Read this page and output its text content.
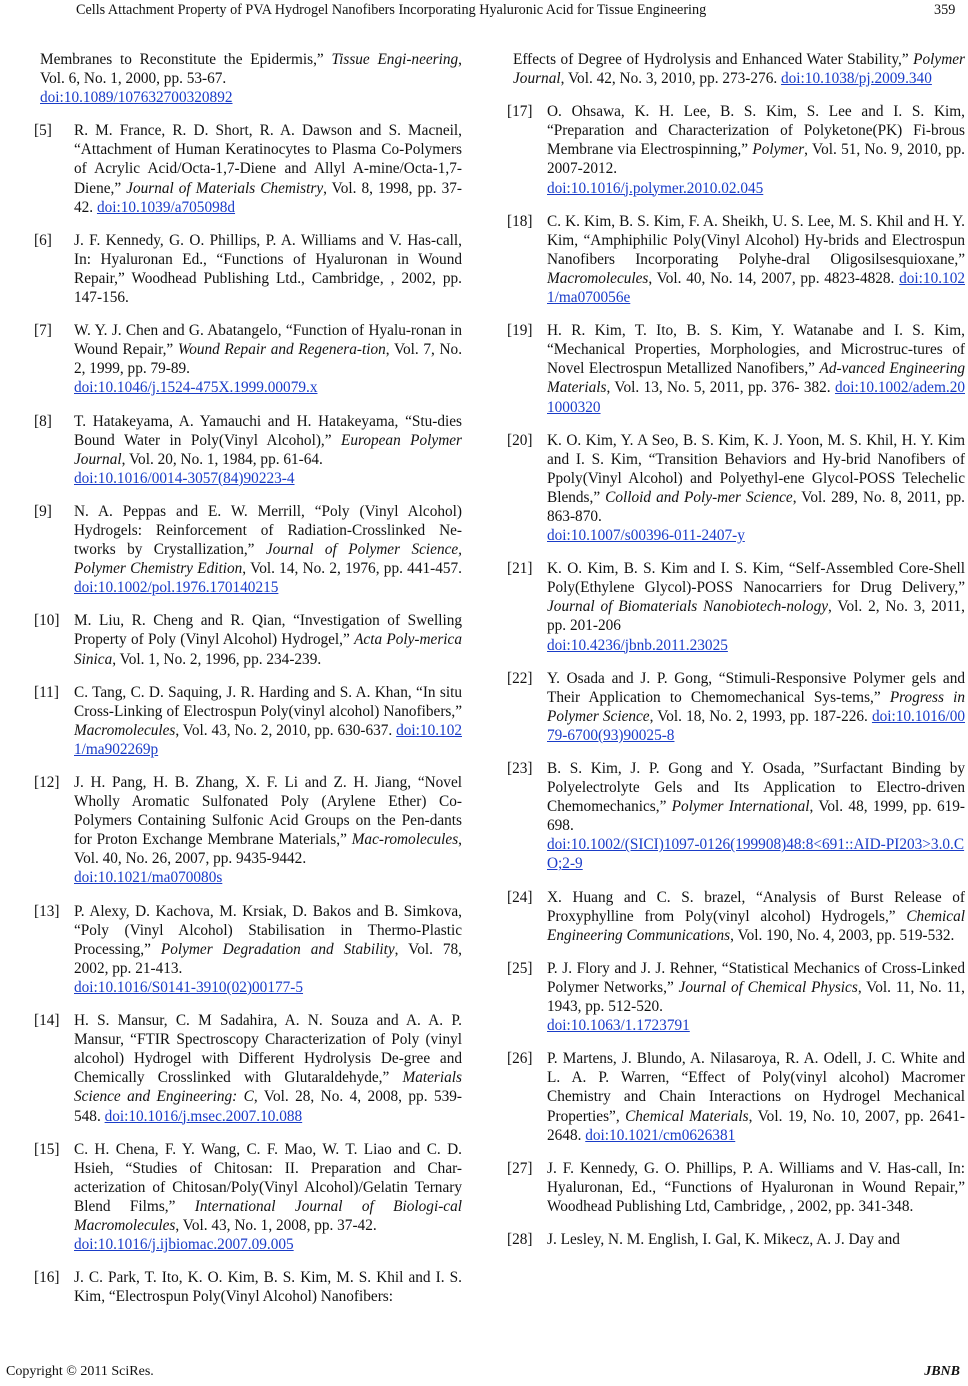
Cells Attachment Property of PVA Hydrogel Nanofibers Incorporating Hyaluronic Acid for Tissue Engineering	359
Membranes to Reconstitute the Epidermis,” Tissue Engi-neering, Vol. 6, No. 1, 2000, pp. 53-67.
doi:10.1089/107632700320892
[5] R. M. France, R. D. Short, R. A. Dawson and S. Macneil, “Attachment of Human Keratinocytes to Plasma Co-Polymers of Acrylic Acid/Octa-1,7-Diene and Allyl A-mine/Octa-1,7-Diene,” Journal of Materials Chemistry, Vol. 8, 1998, pp. 37-42. doi:10.1039/a705098d
[6] J. F. Kennedy, G. O. Phillips, P. A. Williams and V. Has-call, In: Hyaluronan Ed., “Functions of Hyaluronan in Wound Repair,” Woodhead Publishing Ltd., Cambridge, , 2002, pp. 147-156.
[7] W. Y. J. Chen and G. Abatangelo, “Function of Hyalu-ronan in Wound Repair,” Wound Repair and Regenera-tion, Vol. 7, No. 2, 1999, pp. 79-89.
doi:10.1046/j.1524-475X.1999.00079.x
[8] T. Hatakeyama, A. Yamauchi and H. Hatakeyama, “Stu-dies Bound Water in Poly(Vinyl Alcohol),” European Polymer Journal, Vol. 20, No. 1, 1984, pp. 61-64.
doi:10.1016/0014-3057(84)90223-4
[9] N. A. Peppas and E. W. Merrill, “Poly (Vinyl Alcohol) Hydrogels: Reinforcement of Radiation-Crosslinked Ne-tworks by Crystallization,” Journal of Polymer Science, Polymer Chemistry Edition, Vol. 14, No. 2, 1976, pp. 441-457. doi:10.1002/pol.1976.170140215
[10] M. Liu, R. Cheng and R. Qian, “Investigation of Swelling Property of Poly (Vinyl Alcohol) Hydrogel,” Acta Poly-merica Sinica, Vol. 1, No. 2, 1996, pp. 234-239.
[11] C. Tang, C. D. Saquing, J. R. Harding and S. A. Khan, “In situ Cross-Linking of Electrospun Poly(vinyl alcohol) Nanofibers,” Macromolecules, Vol. 43, No. 2, 2010, pp. 630-637. doi:10.1021/ma902269p
[12] J. H. Pang, H. B. Zhang, X. F. Li and Z. H. Jiang, “Novel Wholly Aromatic Sulfonated Poly (Arylene Ether) Co-Polymers Containing Sulfonic Acid Groups on the Pen-dants for Proton Exchange Membrane Materials,” Mac-romolecules, Vol. 40, No. 26, 2007, pp. 9435-9442.
doi:10.1021/ma070080s
[13] P. Alexy, D. Kachova, M. Krsiak, D. Bakos and B. Simkova, “Poly (Vinyl Alcohol) Stabilisation in Thermo-Plastic Processing,” Polymer Degradation and Stability, Vol. 78, 2002, pp. 21-413.
doi:10.1016/S0141-3910(02)00177-5
[14] H. S. Mansur, C. M Sadahira, A. N. Souza and A. A. P. Mansur, “FTIR Spectroscopy Characterization of Poly (vinyl alcohol) Hydrogel with Different Hydrolysis De-gree and Chemically Crosslinked with Glutaraldehyde,” Materials Science and Engineering: C, Vol. 28, No. 4, 2008, pp. 539-548. doi:10.1016/j.msec.2007.10.088
[15] C. H. Chena, F. Y. Wang, C. F. Mao, W. T. Liao and C. D. Hsieh, “Studies of Chitosan: II. Preparation and Char-acterization of Chitosan/Poly(Vinyl Alcohol)/Gelatin Ternary Blend Films,” International Journal of Biologi-cal Macromolecules, Vol. 43, No. 1, 2008, pp. 37-42.
doi:10.1016/j.ijbiomac.2007.09.005
[16] J. C. Park, T. Ito, K. O. Kim, B. S. Kim, M. S. Khil and I. S. Kim, “Electrospun Poly(Vinyl Alcohol) Nanofibers:
Effects of Degree of Hydrolysis and Enhanced Water Stability,” Polymer Journal, Vol. 42, No. 3, 2010, pp. 273-276. doi:10.1038/pj.2009.340
[17] O. Ohsawa, K. H. Lee, B. S. Kim, S. Lee and I. S. Kim, “Preparation and Characterization of Polyketone(PK) Fi-brous Membrane via Electrospinning,” Polymer, Vol. 51, No. 9, 2010, pp. 2007-2012.
doi:10.1016/j.polymer.2010.02.045
[18] C. K. Kim, B. S. Kim, F. A. Sheikh, U. S. Lee, M. S. Khil and H. Y. Kim, “Amphiphilic Poly(Vinyl Alcohol) Hy-brids and Electrospun Nanofibers Incorporating Polyhe-dral Oligosilsesquioxane,” Macromolecules, Vol. 40, No. 14, 2007, pp. 4823-4828. doi:10.1021/ma070056e
[19] H. R. Kim, T. Ito, B. S. Kim, Y. Watanabe and I. S. Kim, “Mechanical Properties, Morphologies, and Microstruc-tures of Novel Electrospun Metallized Nanofibers,” Ad-vanced Engineering Materials, Vol. 13, No. 5, 2011, pp. 376- 382. doi:10.1002/adem.201000320
[20] K. O. Kim, Y. A Seo, B. S. Kim, K. J. Yoon, M. S. Khil, H. Y. Kim and I. S. Kim, “Transition Behaviors and Hy-brid Nanofibers of Ppoly(Vinyl Alcohol) and Polyethyl-ene Glycol-POSS Telechelic Blends,” Colloid and Poly-mer Science, Vol. 289, No. 8, 2011, pp. 863-870.
doi:10.1007/s00396-011-2407-y
[21] K. O. Kim, B. S. Kim and I. S. Kim, “Self-Assembled Core-Shell Poly(Ethylene Glycol)-POSS Nanocarriers for Drug Delivery,” Journal of Biomaterials Nanobiotech-nology, Vol. 2, No. 3, 2011, pp. 201-206
doi:10.4236/jbnb.2011.23025
[22] Y. Osada and J. P. Gong, “Stimuli-Responsive Polymer gels and Their Application to Chemomechanical Sys-tems,” Progress in Polymer Science, Vol. 18, No. 2, 1993, pp. 187-226. doi:10.1016/0079-6700(93)90025-8
[23] B. S. Kim, J. P. Gong and Y. Osada, ”Surfactant Binding by Polyelectrolyte Gels and Its Application to Electro-driven Chemomechanics,” Polymer International, Vol. 48, 1999, pp. 619-698.
doi:10.1002/(SICI)1097-0126(199908)48:8<691::AID-PI203>3.0.CO;2-9
[24] X. Huang and C. S. brazel, “Analysis of Burst Release of Proxyphylline from Poly(vinyl alcohol) Hydrogels,” Chemical Engineering Communications, Vol. 190, No. 4, 2003, pp. 519-532.
[25] P. J. Flory and J. J. Rehner, “Statistical Mechanics of Cross-Linked Polymer Networks,” Journal of Chemical Physics, Vol. 11, No. 11, 1943, pp. 512-520.
doi:10.1063/1.1723791
[26] P. Martens, J. Blundo, A. Nilasaroya, R. A. Odell, J. C. White and L. A. P. Warren, “Effect of Poly(vinyl alcohol) Macromer Chemistry and Chain Interactions on Hydrogel Mechanical Properties”, Chemical Materials, Vol. 19, No. 10, 2007, pp. 2641-2648. doi:10.1021/cm0626381
[27] J. F. Kennedy, G. O. Phillips, P. A. Williams and V. Has-call, In: Hyaluronan, Ed., “Functions of Hyaluronan in Wound Repair,” Woodhead Publishing Ltd, Cambridge, , 2002, pp. 341-348.
[28] J. Lesley, N. M. English, I. Gal, K. Mikecz, A. J. Day and
Copyright © 2011 SciRes.	JBNB
